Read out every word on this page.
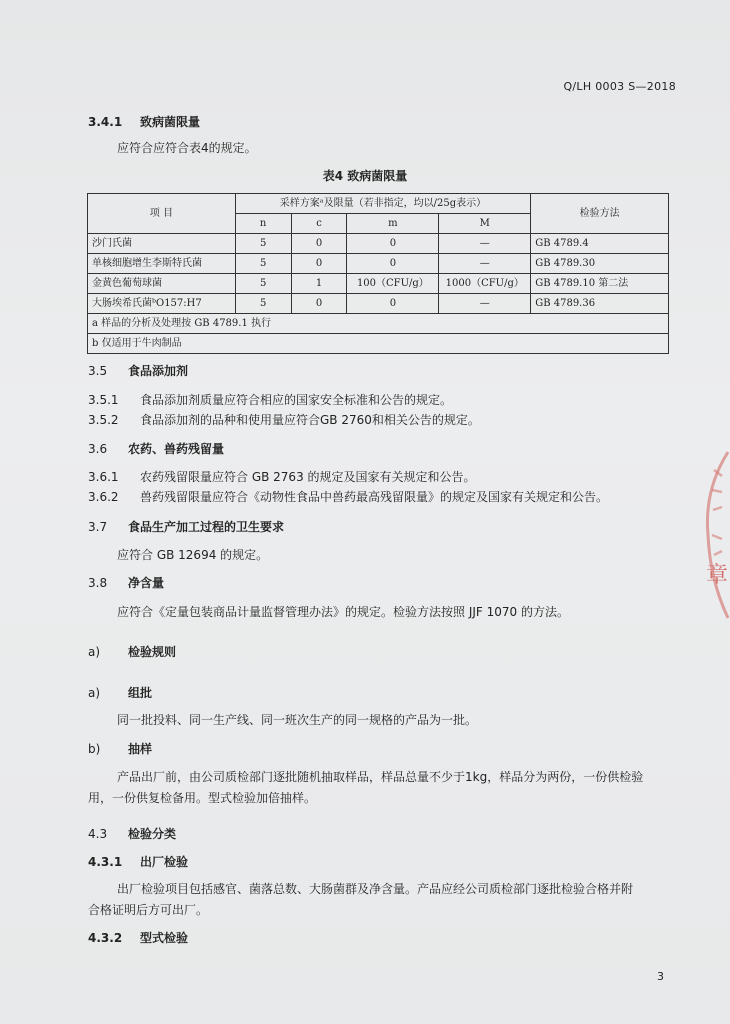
Q/LH 0003 S—2018
3.4.1 致病菌限量
应符合应符合表4的规定。
表4 致病菌限量
项 目	采样方案ᵃ及限量（若非指定，均以/25g表示）				检验方法
	n	c	m	M	
沙门氏菌	5	0	0	—	GB 4789.4
单核细胞增生李斯特氏菌	5	0	0	—	GB 4789.30
金黄色葡萄球菌	5	1	100（CFU/g）	1000（CFU/g）	GB 4789.10 第二法
大肠埃希氏菌ᵇO157:H7	5	0	0	—	GB 4789.36
a 样品的分析及处理按 GB 4789.1 执行					
b 仅适用于牛肉制品					
3.5 食品添加剂
3.5.1 食品添加剂质量应符合相应的国家安全标准和公告的规定。
3.5.2 食品添加剂的品种和使用量应符合GB 2760和相关公告的规定。
3.6 农药、兽药残留量
3.6.1 农药残留限量应符合 GB 2763 的规定及国家有关规定和公告。
3.6.2 兽药残留限量应符合《动物性食品中兽药最高残留限量》的规定及国家有关规定和公告。
3.7 食品生产加工过程的卫生要求
应符合 GB 12694 的规定。
3.8 净含量
应符合《定量包装商品计量监督管理办法》的规定。检验方法按照 JJF 1070 的方法。
a) 检验规则
a) 组批
同一批投料、同一生产线、同一班次生产的同一规格的产品为一批。
b) 抽样
产品出厂前，由公司质检部门逐批随机抽取样品，样品总量不少于1kg，样品分为两份，一份供检验
用，一份供复检备用。型式检验加倍抽样。
4.3 检验分类
4.3.1 出厂检验
出厂检验项目包括感官、菌落总数、大肠菌群及净含量。产品应经公司质检部门逐批检验合格并附
合格证明后方可出厂。
4.3.2 型式检验
章
3
